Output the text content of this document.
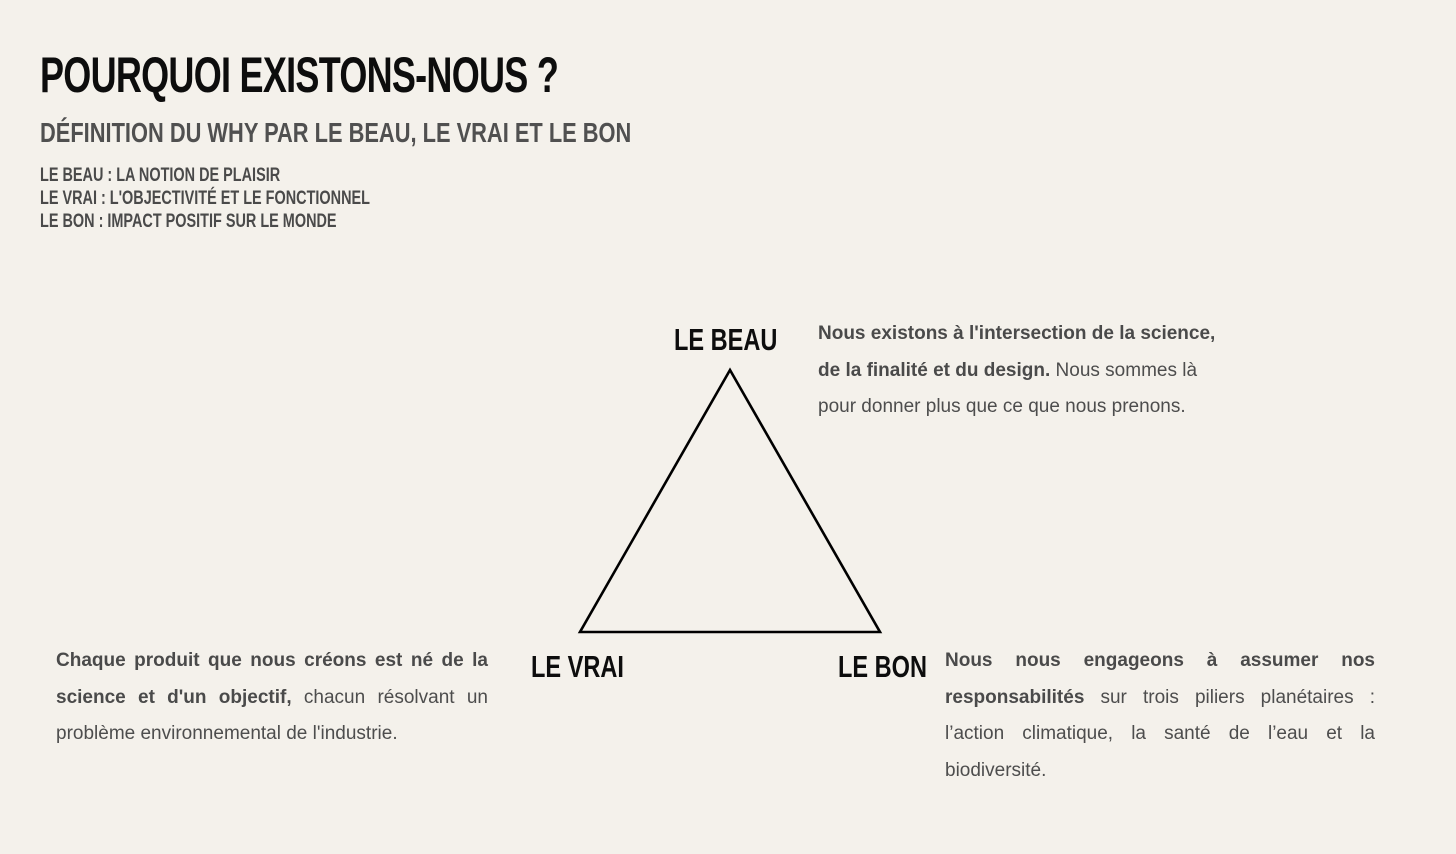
POURQUOI EXISTONS-NOUS ?
DÉFINITION DU WHY PAR LE BEAU, LE VRAI ET LE BON
LE BEAU : LA NOTION DE PLAISIR
LE VRAI : L'OBJECTIVITÉ ET LE FONCTIONNEL
LE BON : IMPACT POSITIF SUR LE MONDE
LE BEAU
LE VRAI	LE BON
Nous existons à l'intersection de la science, de la finalité et du design. Nous sommes là pour donner plus que ce que nous prenons.
Chaque produit que nous créons est né de la science et d'un objectif, chacun résolvant un problème environnemental de l'industrie.
Nous nous engageons à assumer nos responsabilités sur trois piliers planétaires : l’action climatique, la santé de l’eau et la biodiversité.
